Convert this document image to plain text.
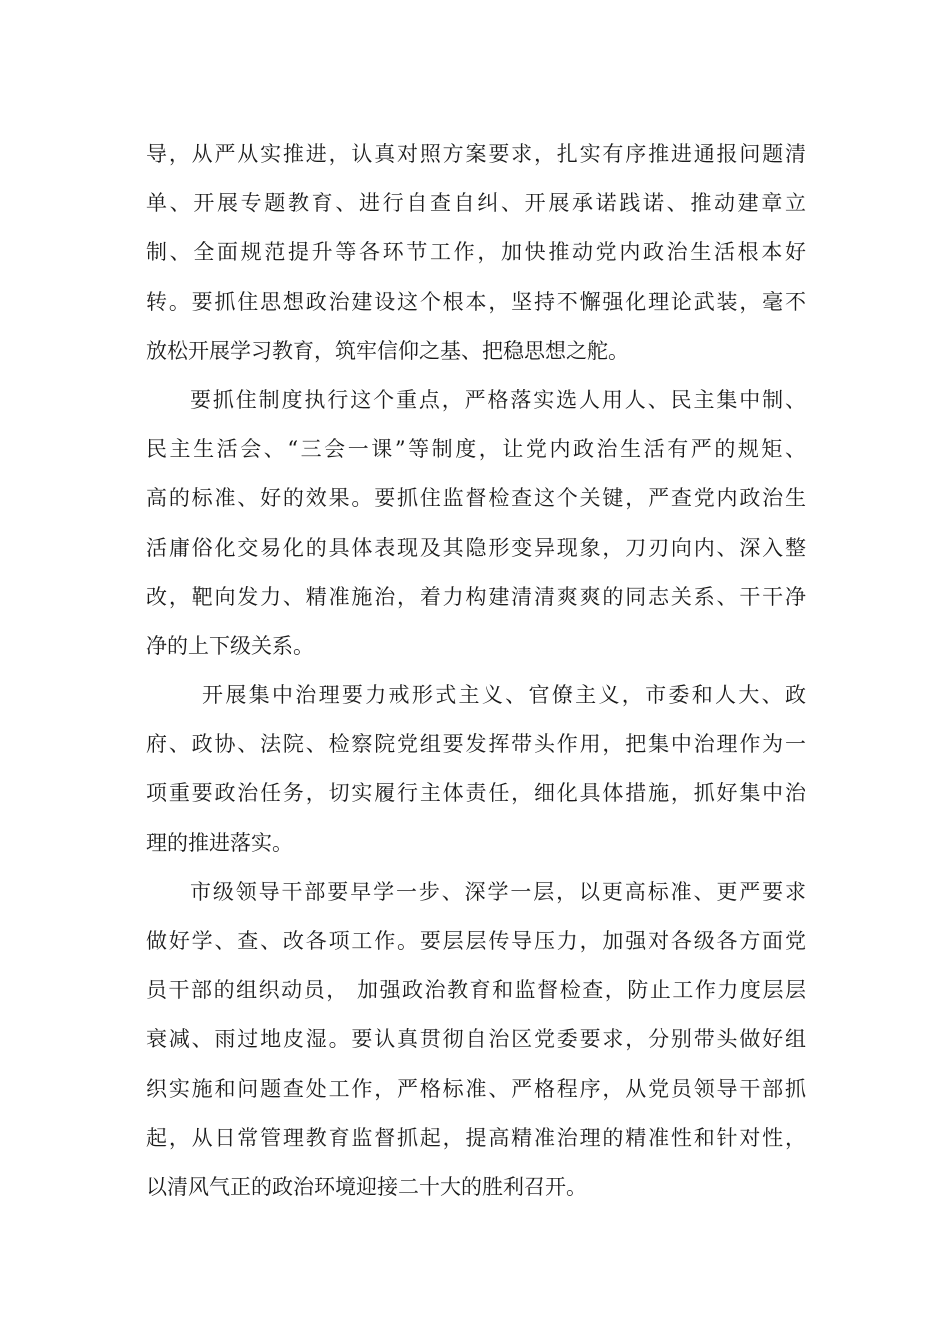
导，从严从实推进，认真对照方案要求，扎实有序推进通报问题清
单、开展专题教育、进行自查自纠、开展承诺践诺、推动建章立
制、全面规范提升等各环节工作，加快推动党内政治生活根本好
转。要抓住思想政治建设这个根本，坚持不懈强化理论武装，毫不
放松开展学习教育，筑牢信仰之基、把稳思想之舵。
要抓住制度执行这个重点，严格落实选人用人、民主集中制、
民主生活会、“三会一课”等制度，让党内政治生活有严的规矩、
高的标准、好的效果。要抓住监督检查这个关键，严查党内政治生
活庸俗化交易化的具体表现及其隐形变异现象，刀刃向内、深入整
改，靶向发力、精准施治，着力构建清清爽爽的同志关系、干干净
净的上下级关系。
开展集中治理要力戒形式主义、官僚主义，市委和人大、政
府、政协、法院、检察院党组要发挥带头作用，把集中治理作为一
项重要政治任务，切实履行主体责任，细化具体措施，抓好集中治
理的推进落实。
市级领导干部要早学一步、深学一层，以更高标准、更严要求
做好学、查、改各项工作。要层层传导压力，加强对各级各方面党
员干部的组织动员， 加强政治教育和监督检查，防止工作力度层层
衰减、雨过地皮湿。要认真贯彻自治区党委要求，分别带头做好组
织实施和问题查处工作，严格标准、严格程序，从党员领导干部抓
起，从日常管理教育监督抓起，提高精准治理的精准性和针对性，
以清风气正的政治环境迎接二十大的胜利召开。
